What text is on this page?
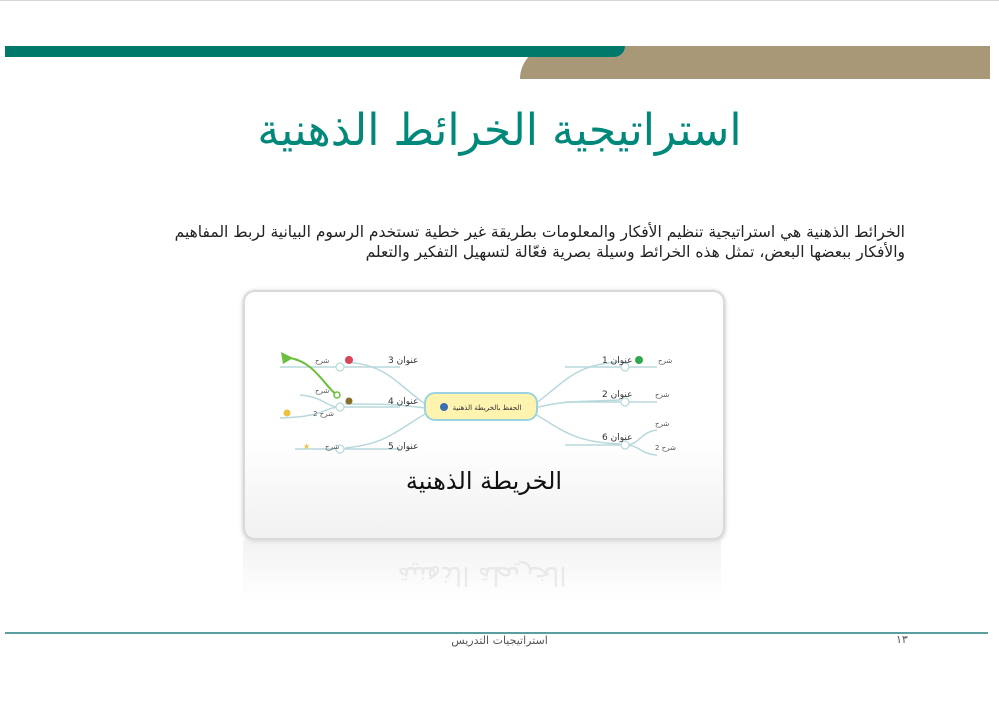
استراتيجية الخرائط الذهنية
الخرائط الذهنية هي استراتيجية تنظيم الأفكار والمعلومات بطريقة غير خطية تستخدم الرسوم البيانية لربط المفاهيم والأفكار ببعضها البعض، تمثل هذه الخرائط وسيلة بصرية فعّالة لتسهيل التفكير والتعلم
الحفظ بالخريطة الذهنية
عنوان 1
عنوان 2
عنوان 6
شرح
شرح
شرح
شرح 2
عنوان 3
عنوان 4
عنوان 5
شرح
شرح
شرح 2
شرح
★
الخريطة الذهنية
الخريطة الذهنية
استراتيجيات التدريس	١٣
